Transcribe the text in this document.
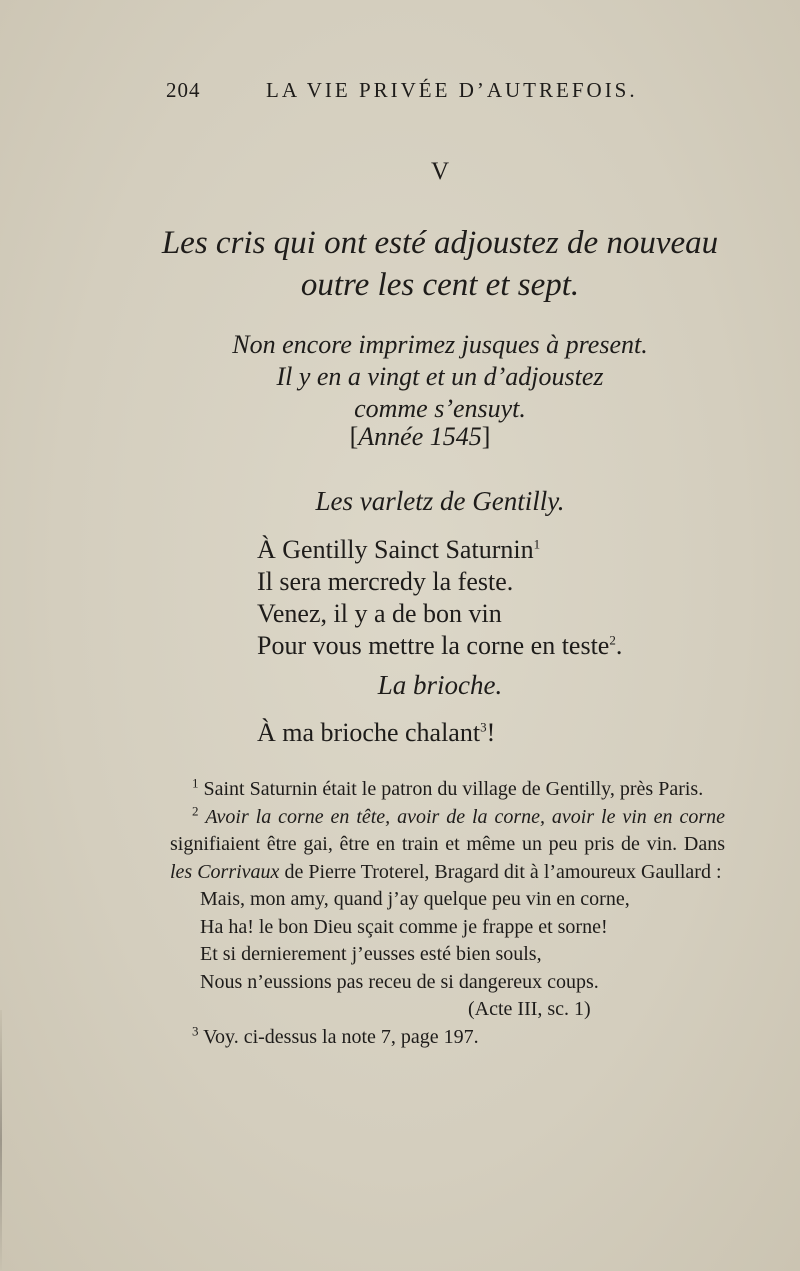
204	LA VIE PRIVÉE D’AUTREFOIS.
V
Les cris qui ont esté adjoustez de nouveau
outre les cent et sept.
Non encore imprimez jusques à present.
Il y en a vingt et un d’adjoustez
comme s’ensuyt.
[Année 1545]
Les varletz de Gentilly.
À Gentilly Sainct Saturnin$^1$
Il sera mercredy la feste.
Venez, il y a de bon vin
Pour vous mettre la corne en teste$^2$.
La brioche.
À ma brioche chalant$^3$!

$^1$ Saint Saturnin était le patron du village de Gentilly, près Paris.

$^2$ Avoir la corne en tête, avoir de la corne, avoir le vin en corne signifiaient être gai, être en train et même un peu pris de vin. Dans les Corrivaux de Pierre Troterel, Bragard dit à l’amoureux Gaullard :

Mais, mon amy, quand j’ay quelque peu vin en corne,

Ha ha! le bon Dieu sçait comme je frappe et sorne!

Et si dernierement j’eusses esté bien souls,

Nous n’eussions pas receu de si dangereux coups.

(Acte III, sc. 1)

$^3$ Voy. ci-dessus la note 7, page 197.
